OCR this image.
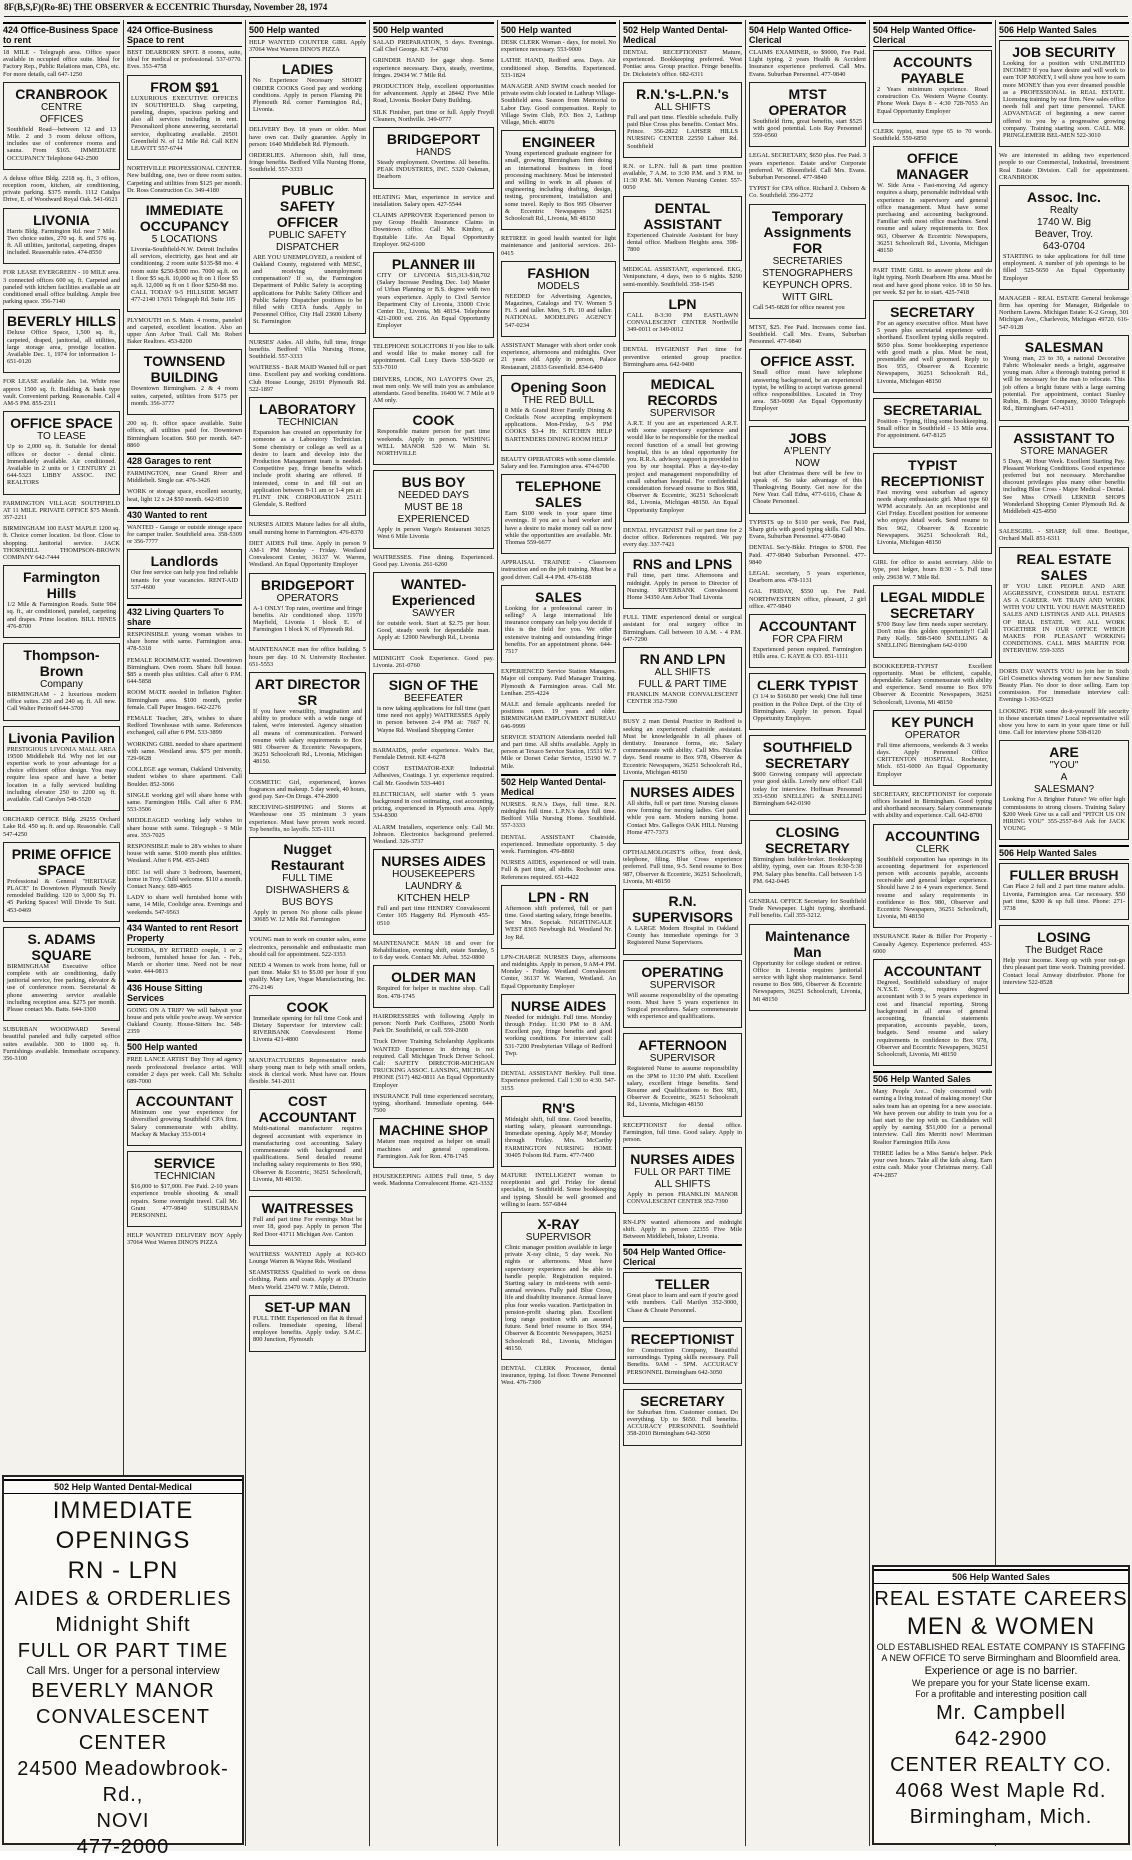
8F(B,S,F)(Ro-8E) THE OBSERVER & ECCENTRIC Thursday, November 28, 1974
424 Office-Business Space to rent
18 MILE - Telegraph area. Office space available in occupied office suite. Ideal for Factory Rep., Public Relations man, CPA, etc. For more details, call 647-1250
CRANBROOK
CENTRE
OFFICES
Southfield Road—between 12 and 13 Mile. 2 and 3 room deluxe offices, includes use of conference rooms and sauna. From $165. IMMEDIATE OCCUPANCY Telephone 642-2500
A deluxe office Bldg. 2218 sq. ft., 3 offices, reception room, kitchen, air conditioning, private parking. $375 month. 1112 Catalpa Drive, E. of Woodward Royal Oak. 541-6621
LIVONIA
Harris Bldg. Farmington Rd. near 7 Mile. Two choice suites, 270 sq. ft. and 576 sq. ft. All utilities, janitorial, carpeting, drapes included. Reasonable rates. 474-8550
FOR LEASE EVERGREEN - 10 MILE area. 3 connected offices 600 sq. ft. Carpeted and paneled with kitchen facilities available as air conditioned small office building. Ample free parking space. 356-7140
BEVERLY HILLS
Deluxe Office Space, 1,500 sq. ft., carpeted, draped, janitorial, all utilities, large storage area, prestige location. Available Dec. 1, 1974 for information 1-651-0120
FOR LEASE available Jan. 1st. White rose approx 1500 sq. ft. Building & bank type vault. Convenient parking. Reasonable. Call 4 AM-5 PM. 855-2311
OFFICE SPACE
TO LEASE
Up to 2,000 sq. ft. Suitable for dental offices or doctor - dental clinic. Immediately available. Air conditioned. Available in 2 units or 1 CENTURY 21 644-5323 LIBBY ASSOC. INC REALTORS
FARMINGTON VILLAGE SOUTHFIELD AT 11 MILE. PRIVATE OFFICE $75 Month. 357-2211
BIRMINGHAM 100 EAST MAPLE 1200 sq. ft. Choice corner location. 1st floor. Close to shopping. Janitorial service. JACK THORNHILL THOMPSON-BROWN COMPANY 642-7444
Farmington Hills
1/2 Mile & Farmington Roads. Suite 984 sq. ft., air conditioned, paneled, carpeting and drapes. Prime location. BILL HINES 476-8700
Thompson-Brown
Company
BIRMINGHAM - 2 luxurious modern office suites. 230 and 240 sq. ft. All new. Call Walter Perinoff 644-3700
Livonia Pavilion
PRESTIGIOUS LIVONIA MALL AREA 19500 Middlebelt Rd. Why not let our expertise work to your advantage for a choice efficient office design. You may require less space and have a better location in a fully serviced building including elevator 250 to 2200 sq. ft. available. Call Carolyn 548-5520
ORCHARD OFFICE Bldg. 29255 Orchard Lake Rd. 450 sq. ft. and up. Reasonable. Call 547-4250
PRIME OFFICE SPACE
Professional & General "HERITAGE PLACE" In Downtown Plymouth Newly remodeled Building. 120 to 3,000 Sq. Ft. 45 Parking Spaces! Will Divide To Suit. 453-0469
S. ADAMS SQUARE
BIRMINGHAM Executive office complete with air conditioning, daily janitorial service, free parking, elevator & use of conference room. Secretarial & phone answering service available including reception area. $275 per month. Please contact Ms. Batts. 644-3300
SUBURBAN WOODWARD Several beautiful paneled and fully carpeted office suites available. 300 to 1800 sq. ft. Furnishings available. Immediate occupancy. 356-3100
424 Office-Business Space to rent
BEST DEARBORN SPOT. 8 rooms, suite, ideal for medical or professional. 537-0770. Eves. 353-4758
FROM $91
LUXURIOUS EXECUTIVE OFFICES IN SOUTHFIELD. Shag carpeting, paneling, drapes, spacious parking and also all services including in rent. Personalized phone answering, secretarial service, duplicating available. 29501 Greenfield N. of 12 Mile Rd. Call KEN LEAVITT 557-6744
NORTHVILLE PROFESSIONAL CENTER. New building, one, two or three room suites. Carpeting and utilities from $125 per month. Dr. Ross Construction Co. 349-4180
IMMEDIATE OCCUPANCY
5 LOCATIONS
Livonia-Southfield-N.W. Detroit Includes all services, electricity, gas heat and air conditioning. 2 room suite $135-$8 mo. 4 room suite $250-$300 mo. 7000 sq.ft. on 1 floor $5 sq.ft. 10,000 sq ft on 1 floor $5 sq.ft. 12,000 sq ft on 1 floor $250-$8 mo. CALL TODAY 9-5 HILLSIDE MGMT 477-2140 17651 Telegraph Rd. Suite 105
PLYMOUTH on S. Main. 4 rooms, paneled and carpeted, excellent location. Also an upper Ann Arbor Trail. Call Mr. Robert Baker Realtors. 453-8200
TOWNSEND BUILDING
Downtown Birmingham. 2 & 4 room suites, carpeted, utilities from $175 per month. 356-3777
200 sq. ft. office space available. Suite offices, all utilities paid for. Downtown Birmingham location. $60 per month. 647-8860
428 Garages to rent
FARMINGTON, near Grand River and Middlebelt. Single car. 476-3426
WORK or storage space, excellent security, heat, light 12 x 24 $50 month. 642-9510
430 Wanted to rent
WANTED - Garage or outside storage space for camper trailer. Southfield area. 358-5309 or 356-7777
Landlords
Our free service can help you find reliable tenants for your vacancies. RENT-AID 537-4600
432 Living Quarters To share
RESPONSIBLE young woman wishes to share home with same. Farmington area. 478-5318
FEMALE ROOMMATE wanted. Downtown Birmingham. Own room. Share full house. $85 a month plus utilities. Call after 6 P.M. 644-5858
ROOM MATE needed in Inflation Fighter. Birmingham area. $100 month, prefer female. Call Paper Images. 642-2276
FEMALE Teacher, 28's, wishes to share Redford Townhouse with same. References exchanged, call after 6 PM. 533-3899
WORKING GIRL needed to share apartment with same. Westland area. $75 per month. 729-9628
COLLEGE age woman, Oakland University, student wishes to share apartment. Call Boulder. 852-3066
SINGLE working girl will share home with same. Farmington Hills. Call after 6 P.M. 553-3506
MIDDLEAGED working lady wishes to share house with same. Telegraph - 9 Mile area. 353-7025
RESPONSIBLE male to 28's wishes to share house with same. $100 month plus utilities. Westland. After 6 PM. 455-2483
DEC 1st will share 3 bedroom, basement, home in Troy. Child welcome. $110 a month. Contact Nancy. 689-4865
LADY to share well furnished home with same, 14 Mile, Coolidge area. Evenings and weekends. 547-9563
434 Wanted to rent Resort Property
FLORIDA, BY RETIRED couple, 1 or 2 bedroom, furnished house for Jan. - Feb., March or shorter time. Need not be near water. 444-0813
436 House Sitting Services
GOING ON A TRIP? We will babysit your house and pets while you're away. We service Oakland County. House-Sitters Inc. 548-2359
500 Help wanted
FREE LANCE ARTIST Buy Troy ad agency needs professional freelance artist. Will consider 2 days per week. Call Mr. Schultz 689-7000
ACCOUNTANT
Minimum one year experience for diversified growing Southfield CPA firm. Salary commensurate with ability. Mackay & Mackay 353-0014
SERVICE
TECHNICIAN
$16,000 to $17,000. Fee Paid. 2-10 years experience trouble shooting & small repairs. Some overnight travel. Call Mr. Grant 477-9840 SUBURBAN PERSONNEL
HELP WANTED DELIVERY BOY Apply 37064 West Warren DINO'S PIZZA
500 Help wanted
HELP WANTED COUNTER GIRL Apply 37064 West Warren DINO'S PIZZA
LADIES
No Experience Necessary SHORT ORDER COOKS Good pay and working conditions. Apply in person Flaming Pit Plymouth Rd. corner Farmington Rd., Livonia.
DELIVERY Boy. 18 years or older. Must have own car. Daily guarantee. Apply in person: 1640 Middlebelt Rd. Plymouth.
ORDERLIES. Afternoon shift, full time, fringe benefits. Bedford Villa Nursing Home, Southfield. 557-3333
PUBLIC SAFETY OFFICER
PUBLIC SAFETY DISPATCHER
ARE YOU UNEMPLOYED, a resident of Oakland County, registered with MESC, and receiving unemployment compensation? If so, the Farmington Department of Public Safety is accepting applications for Public Safety Officer and Public Safety Dispatcher positions to be filled with CETA funds. Apply to Personnel Office, City Hall 23600 Liberty St. Farmington
NURSES' Aides. All shifts, full time, fringe benefits. Bedford Villa Nursing Home, Southfield. 557-3333
WAITRESS - BAR MAID Wanted full or part time. Excellent pay and working conditions. Club House Lounge, 26191 Plymouth Rd. 522-1897
LABORATORY
TECHNICIAN
Expansion has created an opportunity for someone as a Laboratory Technician. Some chemistry or college as well as a desire to learn and develop into the Production Management team is needed. Competitive pay, fringe benefits which include profit sharing are offered. If interested, come in and fill out an application between 9-11 am or 1-4 pm at: FLINT INK CORPORATION 25111 Glendale, S. Redford
NURSES AIDES Mature ladies for all shifts, small nursing home in Farmington. 476-8370
DIET AIDES Full time. Apply in person 9 AM-1 PM Monday - Friday. Westland Convalescent Center, 36137 W. Warren, Westland. An Equal Opportunity Employer
BRIDGEPORT
OPERATORS
A-1 ONLY! Top rates, overtime and fringe benefits. Air conditioned shop. 11970 Mayfield, Livonia 1 block E. of Farmington 1 block N. of Plymouth Rd.
MAINTENANCE man for office building. 5 hours per day. 10 N. University Rochester. 651-5553
ART DIRECTOR SR
If you have versatility, imagination and ability to produce with a wide range of talent, we're interested. Agency situation all means of communication. Forward resume with salary requirements to Box 981 Observer & Eccentric Newspapers, 36251 Schoolcraft Rd., Livonia, Michigan 48150.
COSMETIC Girl, experienced, knows fragrances and makeup. 5 day week, 40 hours, good pay. Sav-On Drugs. 474-2800
RECEIVING-SHIPPING and Stores at Warehouse one 35 minimum 3 years experience. Must have proven work record. Top benefits, no layoffs. 535-1111
Nugget Restaurant
FULL TIME
DISHWASHERS &
BUS BOYS
Apply in person No phone calls please 30685 W. 12 Mile Rd. Farmington
YOUNG man to work on counter sales, some electronics, personable and enthusiastic man should call for appointment. 522-3353
NEED 4 Women to work from home, full or part time. Make $3 to $5.00 per hour if you qualify. Mary Lee, Vogue Manufacturing, Inc. 276-2146
COOK
Immediate opening for full time Cook and Dietary Supervisor for interview call: RIVERBANK Convalescent Home Livonia 421-4800
MANUFACTURERS Representative needs sharp young man to help with small orders, stock & clerical work. Must have car. Hours flexible. 541-2011
COST ACCOUNTANT
Multi-national manufacturer requires degreed accountant with experience in manufacturing cost accounting. Salary commensurate with background and qualifications. Send detailed resume including salary requirements to Box 990, Observer & Eccentric, 36251 Schoolcraft, Livonia, Mi 48150.
WAITRESSES
Full and part time For evenings Must be over 18, good pay. Apply in person The Red Door 43711 Michigan Ave. Canton
WAITRESS WANTED Apply at KO-KO Lounge Warren & Wayne Rds. Westland
SEAMSTRESS Qualified to work on dress clothing. Pants and coats. Apply at D'Orazio Men's World. 23470 W. 7 Mile, Detroit.
SET-UP MAN
FULL TIME Experienced on flat & thread rollers. Immediate opening, liberal employee benefits. Apply today. S.M.C. 800 Junction, Plymouth
500 Help wanted
SALAD PREPARATION, 5 days. Evenings. Call Chef George. KE 7-4700
GRINDER HAND for gage shop. Some experience necessary. Days, steady, overtime, fringes. 29434 W. 7 Mile Rd.
PRODUCTION Help, excellent opportunities for advancement. Apply at 28442 Five Mile Road, Livonia. Booker Dairy Building.
SILK Finisher, part time or full. Apply Freydl Cleaners, Northville. 349-0777
BRIDGEPORT
HANDS
Steady employment. Overtime. All benefits. PEAK INDUSTRIES, INC. 5320 Oakman, Dearborn
HEATING Man, experience in service and installation. Salary open. 427-5544
CLAIMS APPROVER Experienced person to pay Group Health Insurance Claims in Downtown office. Call Mr. Kimbro, at Equitable Life. An Equal Opportunity Employer. 962-6100
PLANNER III
CITY OF LIVONIA $15,313-$18,702 (Salary Increase Pending Dec. 1st) Master of Urban Planning or B.S. degree with two years experience. Apply to Civil Service Department City of Livonia, 33000 Civic Center Dr., Livonia, Mi 48154. Telephone 421-2000 ext. 216. An Equal Opportunity Employer
TELEPHONE SOLICITORS If you like to talk and would like to make money call for appointment. Call Lucy Davis 538-5620 or 533-7010
DRIVERS, LOOK, NO LAYOFFS Over 25, neat men only. We will train you as ambulance attendants. Good benefits. 16400 W. 7 Mile at 9 AM only.
COOK
Responsible mature person for part time weekends. Apply in person. WISHING WELL MANOR 520 W. Main St. NORTHVILLE
BUS BOY
NEEDED DAYS
MUST BE 18
EXPERIENCED
Apply in person Vargo's Restaurant 30325 West 6 Mile Livonia
WAITRESSES. Fine dining. Experienced. Good pay. Livonia. 261-6260
WANTED-Experienced
SAWYER
for outside work. Start at $2.75 per hour. Good, steady work for dependable man. Apply at: 12900 Newburgh Rd., Livonia
MIDNIGHT Cook Experience. Good pay. Livonia. 261-0760
SIGN OF THE
BEEFEATER
is now taking applications for full time (part time need not apply) WAITRESSES Apply in person between 2-4 PM at: 7667 N. Wayne Rd. Westland Shopping Center
BARMAIDS, prefer experience. Walt's Bar, Ferndale Detroit. KE 4-6278
COST ESTIMATOR-EXP. Industrial Adhesives, Coatings. 1 yr. experience required. Call Mr. Goodwin 533-4401
ELECTRICIAN, self starter with 5 years background in cost estimating, cost accounting, pricing, experienced in Plymouth area. Apply 534-8300
ALARM Installers, experience only. Call Mr. Johnson. Electronics background preferred. Westland. 326-3737
NURSES AIDES
HOUSEKEEPERS
LAUNDRY &
KITCHEN HELP
Full and part time HENDRY Convalescent Center 105 Haggerty Rd. Plymouth 455-0510
MAINTENANCE MAN 18 and over for Rehabilitation, evening shift, estate Sunday, 5 to 6 day week. Contact Mr. Arbut. 352-0800
OLDER MAN
Required for helper in machine shop. Call Ron. 478-1745
HAIRDRESSERS with following Apply in person: North Park Coiffures, 25000 North Park Dr. Southfield, or call. 559-2600
Truck Driver Training Scholarship Applicants WANTED Experience in driving is not required. Call Michigan Truck Driver School. Call: SAFETY DIRECTOR-MICHIGAN TRUCKING ASSOC. LANSING, MICHIGAN PHONE (517) 482-0811 An Equal Opportunity Employer
INSURANCE Full time experienced secretary, typing, shorthand. Immediate opening. 644-7500
MACHINE SHOP
Mature man required as helper on small machines and general operations. Farmington. Ask for Ron. 478-1745
HOUSEKEEPING AIDES Full time, 5 day week. Madonna Convalescent Home. 421-3332
500 Help wanted
DESK CLERK Woman - days, for motel. No experience necessary. 553-9000
LATHE HAND, Redford area. Days. Air conditioned shop. Benefits. Experienced. 533-1824
MANAGER AND SWIM coach needed for private swim club located in Lathrup Village-Southfield area. Season from Memorial to Labor Day. Good compensation. Reply to Village Swim Club, P.O. Box 2, Lathrup Village, Mich. 48076
ENGINEER
Young experienced graduate engineer for small, growing Birmingham firm doing an international business in food processing machinery. Must be interested and willing to work in all phases of engineering including drafting, design, testing, procurement, installation and some travel. Reply to Box 995 Observer & Eccentric Newspapers 36251 Schoolcraft Rd., Livonia, Mi 48150
RETIREE in good health wanted for light maintenance and janitorial services. 261-0415
FASHION
MODELS
NEEDED for Advertising Agencies, Magazines, Catalogs and TV. Women 5 Ft. 5 and taller. Men, 5 Ft. 10 and taller. NATIONAL MODELING AGENCY 547-0234
ASSISTANT Manager with short order cook experience, afternoons and midnights. Over 21 years old. Apply in person, Palace Restaurant, 21833 Greenfield. 834-6400
Opening Soon
THE RED BULL
8 Mile & Grand River Family Dining & Cocktails Now accepting employment applications. Mon-Friday, 9-5 PM COOKS $3-4 Hr. KITCHEN HELP BARTENDERS DINING ROOM HELP
BEAUTY OPERATORS with some clientele. Salary and fee. Farmington area. 474-6700
TELEPHONE SALES
Earn $100 week in your spare time evenings. If you are a hard worker and have a desire to make money call us now while the opportunities are available. Mr. Thomas 559-6677
APPRAISAL TRAINEE - Classroom instruction and on the job training. Must be a good driver. Call 4-4 PM. 476-6188
SALES
Looking for a professional career in selling? A large international life insurance company can help you decide if this is the field for you. We offer extensive training and outstanding fringe benefits. For an appointment phone. 644-7517
EXPERIENCED Service Station Managers. Major oil company. Paid Manager Training. Plymouth & Farmington areas. Call Mr. Lenihan. 255-4224
MALE and female applicants needed for positions open. 19 years and older. BIRMINGHAM EMPLOYMENT BUREAU 646-9999
SERVICE STATION Attendants needed full and part time. All shifts available. Apply in person at Texaco Service Station, 15531 W. 7 Mile or Dorset Cedar Service, 15190 W. 7 Mile.
502 Help Wanted Dental-Medical
NURSES. R.N.'s Days, full time. R.N. midnights full time. L.P.N.'s days full time. Bedford Villa Nursing Home. Southfield. 557-3333
DENTAL ASSISTANT Chairside, experienced. Immediate opportunity. 5 day week. Farmington. 476-8860
NURSES AIDES, experienced or will train. Full & part time, all shifts. Rochester area. References required. 651-4422
LPN - RN
Afternoon shift preferred, full or part time. Good starting salary, fringe benefits. See Mrs. Sopciak. NIGHTINGALE WEST 8365 Newburgh Rd. Westland Nr. Joy Rd.
LPN-CHARGE NURSES Days, afternoons and midnights. Apply in person, 9 AM-4 PM. Monday - Friday. Westland Convalescent Center, 36137 W. Warren, Westland. An Equal Opportunity Employer
NURSE AIDES
Needed for midnight. Full time. Monday through Friday. 11:30 PM to 8 AM. Excellent pay, fringe benefits and good working conditions. For interview call: 531-7200 Presbyterian Village of Redford Twp.
DENTAL ASSISTANT Berkley. Full time. Experience preferred. Call 1:30 to 4:30. 547-3155
RN'S
Midnight shift, full time. Good benefits, starting salary, pleasant surroundings. Immediate opening. Apply M-F, Monday through Friday. Mrs. McCarthy FARMINGTON NURSING HOME 30405 Folsom Rd. Farm. 477-7400
MATURE INTELLIGENT woman to receptionist and girl Friday for dental specialist, in Southfield. Some bookkeeping and typing. Should be well groomed and willing to learn. 557-6844
X-RAY
SUPERVISOR
Clinic manager position available in large private X-ray clinic, 5 day week. No nights or afternoons. Must have supervisory experience and be able to handle people. Registration required. Starting salary in mid-teens with semi-annual reviews. Fully paid Blue Cross, life and disability insurance. Annual leave plus four weeks vacation. Participation in pension-profit sharing plan. Excellent long range position with an assured future. Send brief resume to Box 994, Observer & Eccentric Newspapers, 36251 Schoolcraft Rd., Livonia, Michigan 48150.
DENTAL CLERK Processor, dental insurance, typing. 1st floor. Towne Personnel West. 476-7300
502 Help Wanted Dental-Medical
DENTAL RECEPTIONIST Mature, experienced. Bookkeeping preferred. West Pontiac area. Group practice. Fringe benefits. Dr. Dickstein's office. 682-6311
R.N.'s-L.P.N.'s
ALL SHIFTS
Full and part time. Flexible schedule. Fully paid Blue Cross plus benefits. Contact Mrs. Prince. 356-2822 LAHSER HILLS NURSING CENTER 22550 Lahser Rd. Southfield
R.N. or L.P.N. full & part time position available, 7 A.M. to 3:30 P.M. and 3 P.M. to 11:30 P.M. Mt. Vernon Nursing Center. 557-0050
DENTAL ASSISTANT
Experienced Chairside Assistant for busy dental office. Madison Heights area. 398-7800
MEDICAL ASSISTANT, experienced. EKG, Venipuncture, 4 days, two to 6 nights. $290 semi-monthly. Southfield. 358-1545
LPN
CALL 8-3:30 PM EASTLAWN CONVALESCENT CENTER Northville 349-0011 or 349-0012
DENTAL HYGIENIST Part time for preventive oriented group practice. Birmingham area. 642-9400
MEDICAL RECORDS
SUPERVISOR
A.R.T. If you are an experienced A.R.T. with some supervisory experience and would like to be responsible for the medical record function of a small but growing hospital, this is an ideal opportunity for you. R.R.A. advisory support is provided to you by our hospital. Plus a day-to-day project and management responsibility of small suburban hospital. For confidential consideration forward resume to Box 988, Observer & Eccentric, 36251 Schoolcraft Rd., Livonia, Michigan 48150. An Equal Opportunity Employer
DENTAL HYGIENIST Full or part time for 2 doctor office. References required. We pay every day. 337-7421
RNS and LPNS
Full time, part time. Afternoons and midnight. Apply in person to Director of Nursing. RIVERBANK Convalescent Home 34350 Ann Arbor Trail Livonia
FULL TIME experienced dental or surgical assistant for oral surgery office in Birmingham. Call between 10 A.M. - 4 P.M. 647-7290
RN AND LPN
ALL SHIFTS
FULL & PART TIME
FRANKLIN MANOR CONVALESCENT CENTER 352-7390
BUSY 2 man Dental Practice in Redford is seeking an experienced chairside assistant. Must be knowledgeable in all phases of dentistry. Insurance forms, etc. Salary commensurate with ability. Call Mrs. Nicolas days. Send resume to Box 978, Observer & Eccentric Newspapers, 36251 Schoolcraft Rd., Livonia, Michigan 48150
NURSES AIDES
All shifts, full or part time. Nursing classes now forming for nursing ladies. Get paid while you earn. Modern nursing home. Contact Mrs. Gallegos OAK HILL Nursing Home 477-7373
OPTHALMOLOGIST'S office, front desk, telephone, filing. Blue Cross experience preferred. Full time, 9-5. Send resume to Box 987, Observer & Eccentric, 36251 Schoolcraft, Livonia, Mi 48150
R.N. SUPERVISORS
A LARGE Modern Hospital in Oakland County has immediate openings for 3 Registered Nurse Supervisors.
OPERATING
SUPERVISOR
Will assume responsibility of the operating room. Must have 5 years experience in Surgical procedures. Salary commensurate with experience and qualifications.
AFTERNOON
SUPERVISOR
Registered Nurse to assume responsibility on the 3PM to 11:30 PM shift. Excellent salary, excellent fringe benefits. Send Resume and Qualifications to Box 983, Observer & Eccentric, 36251 Schoolcraft Rd., Livonia, Michigan 48150
RECEPTIONIST for dental office. Farmington, full time. Good salary. Apply in person.
NURSES AIDES
FULL OR PART TIME
ALL SHIFTS
Apply in person FRANKLIN MANOR CONVALESCENT CENTER 352-7390
RN-LPN wanted afternoons and midnight shift. Apply in person 22355 Five Mile Between Middlebelt, Inkster, Livonia.
504 Help Wanted Office-Clerical
TELLER
Great place to learn and earn if you're good with numbers. Call Marilyn 352-3000, Chase & Choate Personnel.
RECEPTIONIST
for Construction Company, Beautiful surroundings. Typing skills necessary. Full Benefits. 9AM - 5PM. ACCURACY PERSONNEL Birmingham 642-3050
SECRETARY
for Suburban firm. Customer contact. Do everything. Up to $650. Full benefits. ACCURACY PERSONNEL Southfield 358-2010 Birmingham 642-3050
504 Help Wanted Office-Clerical
CLAIMS EXAMINER, to $9000, Fee Paid. Light typing. 2 years Health & Accident Insurance experience preferred. Call Mrs. Evans. Suburban Personnel. 477-9840
MTST OPERATOR
Southfield firm, great benefits, start $525 with good potential. Lois Ray Personnel 559-0560
LEGAL SECRETARY, $650 plus. Fee Paid. 3 years experience. Estate and/or Corporate preferred. W. Bloomfield. Call Mrs. Evans. Suburban Personnel. 477-9840
TYPIST for CPA office. Richard J. Osborn & Co. Southfield. 356-2772
Temporary Assignments FOR
SECRETARIES
STENOGRAPHERS
KEYPUNCH OPRS.
WITT GIRL
Call 545-6828 for office nearest you
MTST, $25. Fee Paid. Increases come fast. Southfield. Call Mrs. Evans, Suburban Personnel. 477-9840
OFFICE ASST.
Small office must have telephone answering background, be an experienced typist, be willing to accept various general office responsibilities. Located in Troy area. 583-9090 An Equal Opportunity Employer
JOBS
A'PLENTY
NOW
but after Christmas there will be few to speak of. So take advantage of this Thanksgiving Bounty. Get now for the New Year. Call Edna, 477-6116, Chase & Choate Personnel.
TYPISTS up to $110 per week, Fee Paid, Sharp girls with good typing skills. Call Mrs. Evans, Suburban Personnel. 477-9840
DENTAL Sec'y-Bkkr. Fringes to $700. Fee Paid. 477-9840 Suburban Personnel. 477-9840
LEGAL secretary, 5 years experience, Dearborn area. 478-1131
GAL FRIDAY, $550 up. Fee Paid. NORTHWESTERN office, pleasant, 2 girl office. 477-9840
ACCOUNTANT
FOR CPA FIRM
Experienced person required. Farmington Hills area. C. KAYE & CO. 851-1111
CLERK TYPIST
(3 1/4 to $160.80 per week) One full time position in the Police Dept. of the City of Birmingham. Apply in person. Equal Opportunity Employer.
SOUTHFIELD SECRETARY
$600 Growing company will appreciate your good skills. Lovely new office! Call today for interview. Hoffman Personnel 353-6500 SNELLING & SNELLING Birmingham 642-0190
CLOSING SECRETARY
Birmingham builder-broker. Bookkeeping ability, typing, own car. Hours 8:30-5:30 PM. Salary plus benefits. Call between 1-5 PM. 642-0445
GENERAL OFFICE Secretary for Southfield Trade Newspaper. Light typing, shorthand. Full benefits. Call 355-3212.
Maintenance Man
Opportunity for college student or retiree. Office in Livonia requires janitorial service with light shop maintenance. Send resume to Box 986, Observer & Eccentric Newspapers, 36251 Schoolcraft, Livonia, Mi 48150
504 Help Wanted Office-Clerical
ACCOUNTS PAYABLE
2 Years minimum experience. Road construction Co. Western Wayne County. Phone Week Days 8 - 4:30 728-7053 An Equal Opportunity Employer
CLERK typist, must type 65 to 70 words. Southfield. 559-6850
OFFICE MANAGER
W. Side Area - Fast-moving Ad agency requires a sharp, personable individual with experience in supervisory and general office management. Must have some purchasing and accounting background. Familiar with most office machines. Send resume and salary requirements to: Box 963, Observer & Eccentric Newspapers, 36251 Schoolcraft Rd., Livonia, Michigan 48150
PART TIME GIRL to answer phone and do light typing. North Dearborn Hts area. Must be neat and have good phone voice. 18 to 50 hrs. per week. $2 per hr. to start. 425-7418
SECRETARY
For an agency executive office. Must have 5 years plus secretarial experience with shorthand. Excellent typing skills required. $650 plus. Some bookkeeping experience with good math a plus. Must be neat, presentable and well groomed. Reply to Box 955, Observer & Eccentric Newspapers, 36251 Schoolcraft Rd., Livonia, Michigan 48150
SECRETARIAL
Position - Typing, filing some bookkeeping. Small office in Southfield - 13 Mile area. For appointment. 647-8125
TYPIST RECEPTIONIST
Fast moving west suburban ad agency needs sharp enthusiastic girl. Must type 60 WPM accurately. An an receptionist and Girl Friday. Excellent position for someone who enjoys detail work. Send resume to Box 962, Observer & Eccentric Newspapers. 36251 Schoolcraft Rd., Livonia, Michigan 48150
GIRL for office to assist secretary. Able to type, post ledger, hours 8:30 - 5. Full time only. 29638 W. 7 Mile Rd.
LEGAL MIDDLE SECRETARY
$700 Busy law firm needs super secretary. Don't miss this golden opportunity!! Call Patty Kelly. 588-5400 SNELLING & SNELLING Birmingham 642-0190
BOOKKEEPER-TYPIST Excellent opportunity. Must be efficient, capable, dependable. Salary commensurate with ability and experience. Send resume to Box 976 Observer & Eccentric Newspapers, 36251 Schoolcraft, Livonia, Mi 48150
KEY PUNCH
OPERATOR
Full time afternoons, weekends & 3 weeks days. Apply Personnel Office CRITTENTON HOSPITAL Rochester, Mich. 651-6000 An Equal Opportunity Employer
SECRETARY, RECEPTIONIST for corporate offices located in Birmingham. Good typing and shorthand necessary. Salary commensurate with ability and experience. Call. 642-8700
ACCOUNTING
CLERK
Southfield corporation has openings in its accounting department for experienced person with accounts payable, accounts receivable and general ledger experience. Should have 2 to 4 years experience. Send resume and salary requirements in confidence to Box 980, Observer and Eccentric Newspapers, 36251 Schoolcraft, Livonia, Mi 48150
INSURANCE Rater & Biller For Property - Casualty Agency. Experience preferred. 453-6000
ACCOUNTANT
Degreed, Southfield subsidiary of major N.Y.S.E. Corp., requires degreed accountant with 3 to 5 years experience in cost and financial reporting. Strong background in all areas of general accounting, financial statements preparation, accounts payable, taxes, budgets. Send resume and salary requirements in confidence to Box 978, Observer and Eccentric Newspapers, 36251 Schoolcraft, Livonia, Mi 48150
506 Help Wanted Sales
Many People Are... Only concerned with earning a living instead of making money! Our sales team has an opening for a new associate. We have proven our ability to train you for a fast start to the top with us. Candidates will apply by earning $51,000 for a personal interview. Call Jim Merritt now! Merriman Realtor Farmington Hills Area
THREE ladies be a Miss Santa's helper. Pick your own hours. Take all the kids along. Earn extra cash. Make your Christmas merry. Call 474-2857
506 Help Wanted Sales
JOB SECURITY
Looking for a position with UNLIMITED INCOME? If you have desire and will work to earn TOP MONEY, I will show you how to earn more MONEY than you ever dreamed possible as a PROFESSIONAL in REAL ESTATE. Licensing training by our firm. New sales office needs full and part time personnel. TAKE ADVANTAGE of beginning a new career offered to you by a progressive growing company. Training starting soon. CALL MR. PRINGLEMEIR BEL-MEN 522-3010
We are interested in adding two experienced people to our Commercial, Industrial, Investment Real Estate Division. Call for appointment. CRANBROOK
Assoc. Inc.
Realty
1740 W. Big
Beaver, Troy.
643-0704
STARTING to take applications for full time employment. A number of job openings to be filled 525-5650 An Equal Opportunity Employer
MANAGER - REAL ESTATE General brokerage firm has opening for Manager, Ridgedale to Northern Lawns. Michigan Estate: K-2 Group, 301 Michigan Ave., Charlevoix, Michigan 49720. 616-547-9128
SALESMAN
Young man, 23 to 30, a national Decorative Fabric Wholesaler needs a bright, aggressive young man. After a thorough training period it will be necessary for the man to relocate. This job offers a bright future with a large earning potential. For appointment, contact Stanley Rubin, B. Berger Company, 30100 Telegraph Rd., Birmingham. 647-4311
ASSISTANT TO
STORE MANAGER
5 Days, 40 Hour Week. Excellent Starting Pay. Pleasant Working Conditions. Good experience preferred but not necessary. Merchandise discount privileges plus many other benefits including Blue Cross - Major Medical - Dental. See Miss O'Neill LERNER SHOPS Wonderland Shopping Center Plymouth Rd. & Middlebelt 425-4950
SALESGIRL - SHARP, full time. Boutique, Orchard Mall. 851-6311
REAL ESTATE SALES
IF YOU LIKE PEOPLE AND ARE AGGRESSIVE, CONSIDER REAL ESTATE AS A CAREER. WE TRAIN AND WORK WITH YOU UNTIL YOU HAVE MASTERED SALES AND LISTINGS AND ALL PHASES OF REAL ESTATE. WE ALL WORK TOGETHER IN OUR OFFICE WHICH MAKES FOR PLEASANT WORKING CONDITIONS. CALL MRS MARTIN FOR INTERVIEW. 559-3355
DORIS DAY WANTS YOU to join her in Sixth Girl Cosmetics showing women her new Sunshine Beauty Plan. No door to door selling. Earn top commission. For immediate interview call: Evenings 1-363-9523
LOOKING FOR some do-it-yourself life security in those uncertain times? Local representative will show you how to earn in your spare time or full time. Call for interview phone 538-8120
ARE
"YOU"
A
SALESMAN?
Looking For A Brighter Future? We offer high commissions to strong closers. Training Salary $200 Week Give us a call and "PITCH US ON HIRING YOU" 355-2557-8-9 Ask for JACK YOUNG
506 Help Wanted Sales
FULLER BRUSH
Can Place 2 full and 2 part time mature adults. Livonia, Farmington area. Car necessary. $50 part time, $200 & up full time. Phone: 271-3738
LOSING
The Budget Race
Help your income. Keep up with your out-go thru pleasant part time work. Training provided. Contact local Amway distributor. Phone for interview 522-8528
502 Help Wanted Dental-Medical
IMMEDIATE
OPENINGS
RN - LPN
AIDES & ORDERLIES
Midnight Shift
FULL OR PART TIME
Call Mrs. Unger for a personal interview
BEVERLY MANOR
CONVALESCENT
CENTER
24500 Meadowbrook-Rd.,
NOVI
477-2000
506 Help Wanted Sales
REAL ESTATE CAREERS
MEN & WOMEN
OLD ESTABLISHED REAL ESTATE COMPANY IS STAFFING A NEW OFFICE TO serve Birmingham and Bloomfield area.
Experience or age is no barrier.
We prepare you for your State license exam.
For a profitable and interesting position call
Mr. Campbell
642-2900
CENTER REALTY CO.
4068 West Maple Rd.
Birmingham, Mich.
